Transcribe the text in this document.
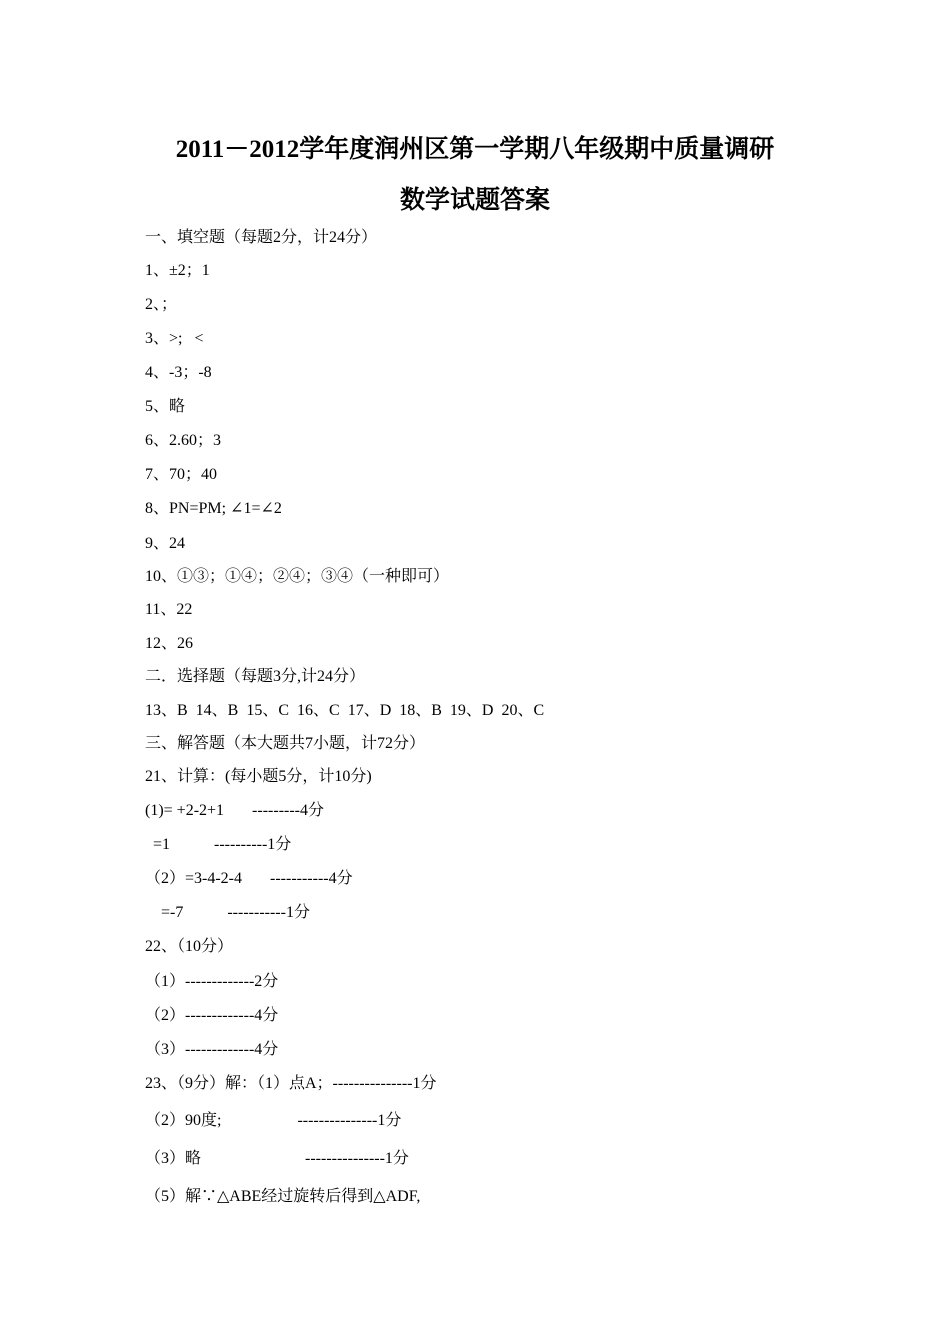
2011－2012学年度润州区第一学期八年级期中质量调研
数学试题答案
一、填空题（每题2分，计24分）
1、±2；1
2、；
3、>;   <
4、-3；-8
5、略
6、2.60；3
7、70；40
8、PN=PM; ∠1=∠2
9、24
10、①③；①④；②④；③④（一种即可）
11、22
12、26
二．选择题（每题3分,计24分）
13、B  14、B  15、C  16、C  17、D  18、B  19、D  20、C
三、解答题（本大题共7小题，计72分）
21、计算：(每小题5分，计10分)
(1)= +2-2+1       ---------4分
=1           ----------1分
（2）=3-4-2-4       -----------4分
=-7           -----------1分
22、（10分）
（1）-------------2分
（2）-------------4分
（3）-------------4分
23、（9分）解：（1）点A；---------------1分
（2）90度;                   ---------------1分
（3）略                          ---------------1分
（5）解∵△ABE经过旋转后得到△ADF,
